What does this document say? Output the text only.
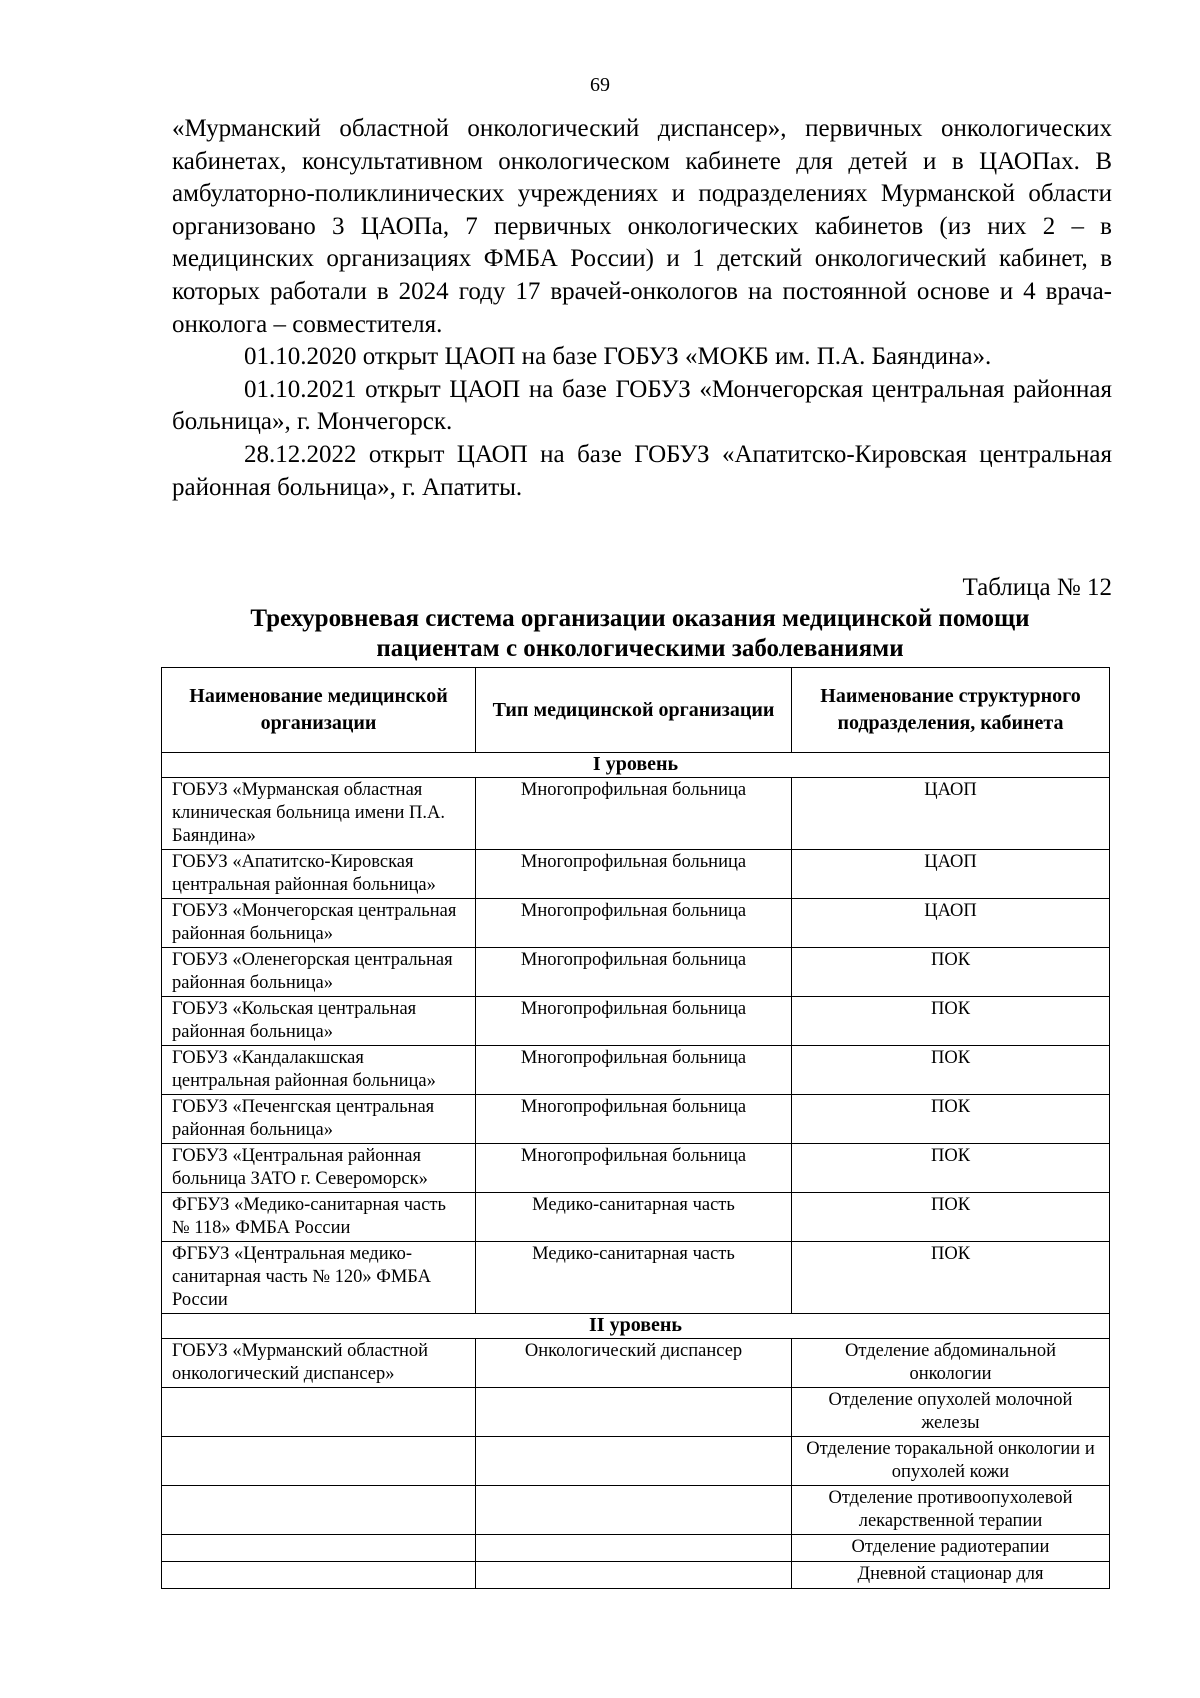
69

«Мурманский областной онкологический диспансер», первичных онкологических кабинетах, консультативном онкологическом кабинете для детей и в ЦАОПах. В амбулаторно-поликлинических учреждениях и подразделениях Мурманской области организовано 3 ЦАОПа, 7 первичных онкологических кабинетов (из них 2 – в медицинских организациях ФМБА России) и 1 детский онкологический кабинет, в которых работали в 2024 году 17 врачей-онкологов на постоянной основе и 4 врача-онколога – совместителя.

01.10.2020 открыт ЦАОП на базе ГОБУЗ «МОКБ им. П.А. Баяндина».

01.10.2021 открыт ЦАОП на базе ГОБУЗ «Мончегорская центральная районная больница», г. Мончегорск.

28.12.2022 открыт ЦАОП на базе ГОБУЗ «Апатитско-Кировская центральная районная больница», г. Апатиты.

Таблица № 12
Трехуровневая система организации оказания медицинской помощи
пациентам с онкологическими заболеваниями
Наименование медицинской организации	Тип медицинской организации	Наименование структурного подразделения, кабинета
I уровень		
ГОБУЗ «Мурманская областная клиническая больница имени П.А. Баяндина»	Многопрофильная больница	ЦАОП
ГОБУЗ «Апатитско-Кировская центральная районная больница»	Многопрофильная больница	ЦАОП
ГОБУЗ «Мончегорская центральная районная больница»	Многопрофильная больница	ЦАОП
ГОБУЗ «Оленегорская центральная районная больница»	Многопрофильная больница	ПОК
ГОБУЗ «Кольская центральная районная больница»	Многопрофильная больница	ПОК
ГОБУЗ «Кандалакшская центральная районная больница»	Многопрофильная больница	ПОК
ГОБУЗ «Печенгская центральная районная больница»	Многопрофильная больница	ПОК
ГОБУЗ «Центральная районная больница ЗАТО г. Североморск»	Многопрофильная больница	ПОК
ФГБУЗ «Медико-санитарная часть № 118» ФМБА России	Медико-санитарная часть	ПОК
ФГБУЗ «Центральная медико-санитарная часть № 120» ФМБА России	Медико-санитарная часть	ПОК
II уровень		
ГОБУЗ «Мурманский областной онкологический диспансер»	Онкологический диспансер	Отделение абдоминальной онкологии
		Отделение опухолей молочной железы
		Отделение торакальной онкологии и опухолей кожи
		Отделение противоопухолевой лекарственной терапии
		Отделение радиотерапии
		Дневной стационар для
